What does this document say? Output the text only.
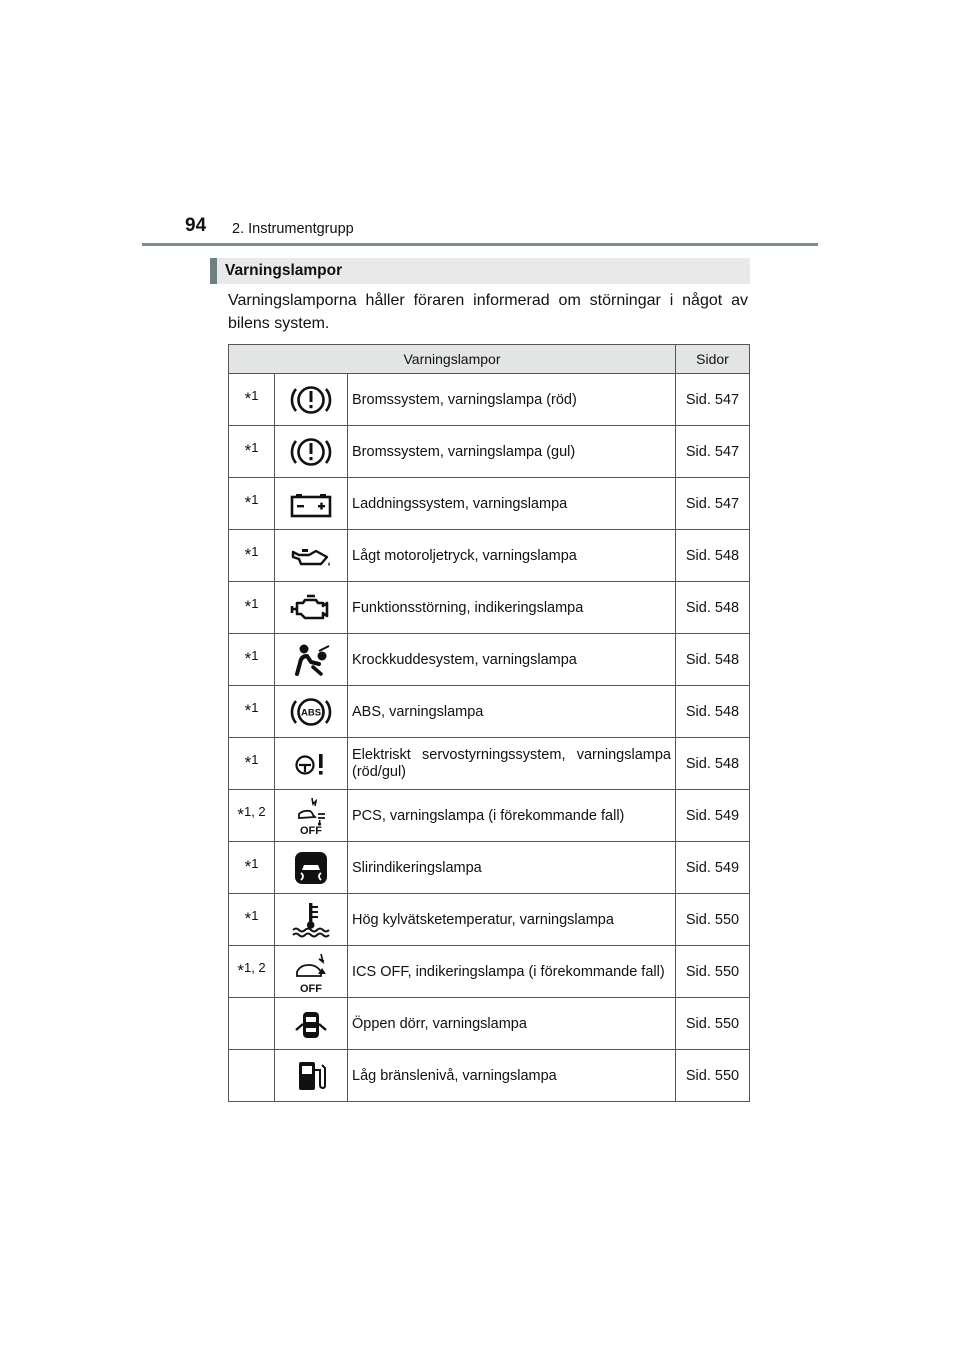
94 2. Instrumentgrupp
Varningslampor
Varningslamporna håller föraren informerad om störningar i något av bilens system.
Varningslampor			Sidor

*1		Bromssystem, varningslampa (röd)	Sid. 547

*1		Bromssystem, varningslampa (gul)	Sid. 547

*1		Laddningssystem, varningslampa	Sid. 547

*1		Lågt motoroljetryck, varningslampa	Sid. 548

*1		Funktionsstörning, indikeringslampa	Sid. 548

*1		Krockkuddesystem, varningslampa	Sid. 548

*1	ABS	ABS, varningslampa	Sid. 548

*1		Elektriskt servostyrningssystem, varningslampa (röd/gul)	Sid. 548

*1, 2	OFF	PCS, varningslampa (i förekommande fall)	Sid. 549

*1		Slirindikeringslampa	Sid. 549

*1		Hög kylvätsketemperatur, varningslampa	Sid. 550

*1, 2	OFF	ICS OFF, indikeringslampa (i förekommande fall)	Sid. 550
		Öppen dörr, varningslampa	Sid. 550
		Låg bränslenivå, varningslampa	Sid. 550
